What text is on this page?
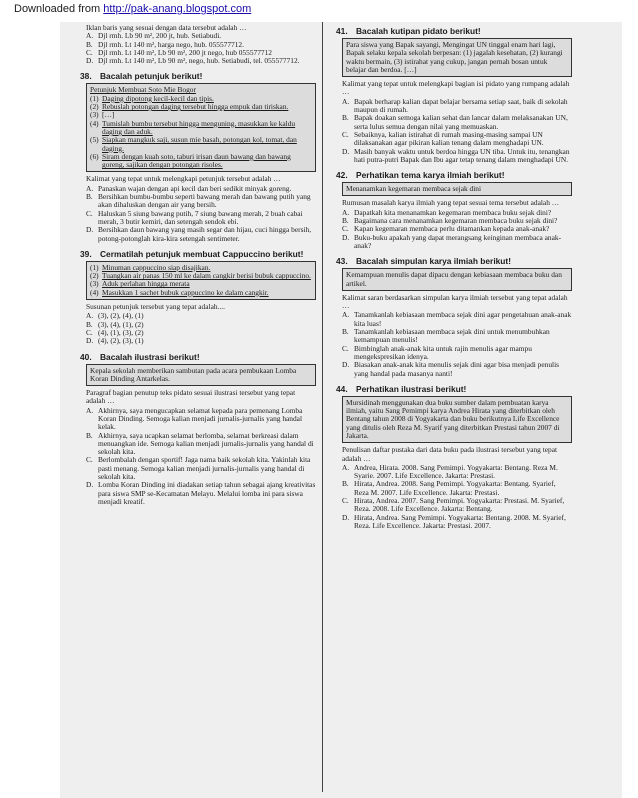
Downloaded from http://pak-anang.blogspot.com
Iklan baris yang sesuai dengan data tersebut adalah …
A. Djl rmh. Lb 90 m², 200 jt, hub. Setiabudi.
B. Djl rmh. Lt 140 m², harga nego, hub. 055577712.
C. Djl rmh. Lt 140 m², Lb 90 m², 200 jt nego, hub 055577712
D. Djl rmh. Lt 140 m², Lb 90 m², nego, hub. Setiabudi, tel. 055577712.
38. Bacalah petunjuk berikut!

Petunjuk Membuat Soto Mie Bogor

(1) Daging dipotong kecil-kecil dan tipis.
(2) Rebuslah potongan daging tersebut hingga empuk dan tiriskan.
(3) […]
(4) Tumislah bumbu tersebut hingga menguning, masukkan ke kaldu daging dan aduk.
(5) Siapkan mangkuk saji, susun mie basah, potongan kol, tomat, dan daging.
(6) Siram dengan kuah soto, taburi irisan daun bawang dan bawang goreng, sajikan dengan potongan risoles.
Kalimat yang tepat untuk melengkapi petunjuk tersebut adalah …
A. Panaskan wajan dengan api kecil dan beri sedikit minyak goreng.
B. Bersihkan bumbu-bumbu seperti bawang merah dan bawang putih yang akan dihaluskan dengan air yang bersih.
C. Haluskan 5 siung bawang putih, 7 siung bawang merah, 2 buah cabai merah, 3 butir kemiri, dan setengah sendok ebi.
D. Bersihkan daun bawang yang masih segar dan hijau, cuci hingga bersih, potong-potonglah kira-kira setengah sentimeter.
39. Cermatilah petunjuk membuat Cappuccino berikut!
(1) Minuman cappuccino siap disajikan.
(2) Tuangkan air panas 150 ml ke dalam cangkir berisi bubuk cappuccino.
(3) Aduk perlahan hingga merata
(4) Masukkan 1 sachet bubuk cappuccino ke dalam cangkir.
Susunan petunjuk tersebut yang tepat adalah....
A. (3), (2), (4), (1)
B. (3), (4), (1), (2)
C. (4), (1), (3), (2)
D. (4), (2), (3), (1)
40. Bacalah ilustrasi berikut!

Kepala sekolah memberikan sambutan pada acara pembukaan Lomba Koran Dinding Antarkelas.

Paragraf bagian penutup teks pidato sesuai ilustrasi tersebut yang tepat adalah …
A. Akhirnya, saya mengucapkan selamat kepada para pemenang Lomba Koran Dinding. Semoga kalian menjadi jurnalis-jurnalis yang handal kelak.
B. Akhirnya, saya ucapkan selamat berlomba, selamat berkreasi dalam menuangkan ide. Semoga kalian menjadi jurnalis-jurnalis yang handal di sekolah kita.
C. Berlombalah dengan sportif! Jaga nama baik sekolah kita. Yakinlah kita pasti menang. Semoga kalian menjadi jurnalis-jurnalis yang handal di sekolah kita.
D. Lomba Koran Dinding ini diadakan setiap tahun sebagai ajang kreativitas para siswa SMP se-Kecamatan Melayu. Melalui lomba ini para siswa menjadi kreatif.
41. Bacalah kutipan pidato berikut!

Para siswa yang Bapak sayangi, Mengingat UN tinggal enam hari lagi, Bapak selaku kepala sekolah berpesan: (1) jagalah kesehatan, (2) kurangi waktu bermain, (3) istirahat yang cukup, jangan pernah bosan untuk belajar dan berdoa. […]

Kalimat yang tepat untuk melengkapi bagian isi pidato yang rumpang adalah …
A. Bapak berharap kalian dapat belajar bersama setiap saat, baik di sekolah maupun di rumah.
B. Bapak doakan semoga kalian sehat dan lancar dalam melaksanakan UN, serta lulus semua dengan nilai yang memuaskan.
C. Sebaiknya, kalian istirahat di rumah masing-masing sampai UN dilaksanakan agar pikiran kalian tenang dalam menghadapi UN.
D. Masih banyak waktu untuk berdoa hingga UN tiba. Untuk itu, tenangkan hati putra-putri Bapak dan Ibu agar tetap tenang dalam menghadapi UN.
42. Perhatikan tema karya ilmiah berikut!

Menanamkan kegemaran membaca sejak dini

Rumusan masalah karya ilmiah yang tepat sesuai tema tersebut adalah …
A. Dapatkah kita menanamkan kegemaran membaca buku sejak dini?
B. Bagaimana cara menanamkan kegemaran membaca buku sejak dini?
C. Kapan kegemaran membaca perlu ditamankan kepada anak-anak?
D. Buku-buku apakah yang dapat merangsang keinginan membaca anak-anak?
43. Bacalah simpulan karya ilmiah berikut!

Kemampuan menulis dapat dipacu dengan kebiasaan membaca buku dan artikel.

Kalimat saran berdasarkan simpulan karya ilmiah tersebut yang tepat adalah …
A. Tanamkanlah kebiasaan membaca sejak dini agar pengetahuan anak-anak kita luas!
B. Tanamkanlah kebiasaan membaca sejak dini untuk menumbuhkan kemampuan menulis!
C. Bimbinglah anak-anak kita untuk rajin menulis agar mampu mengekspresikan idenya.
D. Biasakan anak-anak kita menulis sejak dini agar bisa menjadi penulis yang handal pada masanya nanti!
44. Perhatikan ilustrasi berikut!

Mursidinah menggunakan dua buku sumber dalam pembuatan karya ilmiah, yaitu Sang Pemimpi karya Andrea Hirata yang diterbitkan oleh Bentang tahun 2008 di Yogyakarta dan buku berikutnya Life Excellence yang ditulis oleh Reza M. Syarif yang diterbitkan Prestasi tahun 2007 di Jakarta.

Penulisan daftar pustaka dari data buku pada ilustrasi tersebut yang tepat adalah …
A. Andrea, Hirata. 2008. Sang Pemimpi. Yogyakarta: Bentang. Reza M. Syarie. 2007. Life Excellence. Jakarta: Prestasi.
B. Hirata, Andrea. 2008. Sang Pemimpi. Yogyakarta: Bentang. Syarief, Reza M. 2007. Life Excellence. Jakarta: Prestasi.
C. Hirata, Andrea. 2007. Sang Pemimpi. Yogyakarta: Prestasi. M. Syarief, Reza. 2008. Life Excellence. Jakarta: Bentang.
D. Hirata, Andrea. Sang Pemimpi. Yogyakarta: Bentang. 2008. M. Syarief, Reza. Life Excellence. Jakarta: Prestasi. 2007.
